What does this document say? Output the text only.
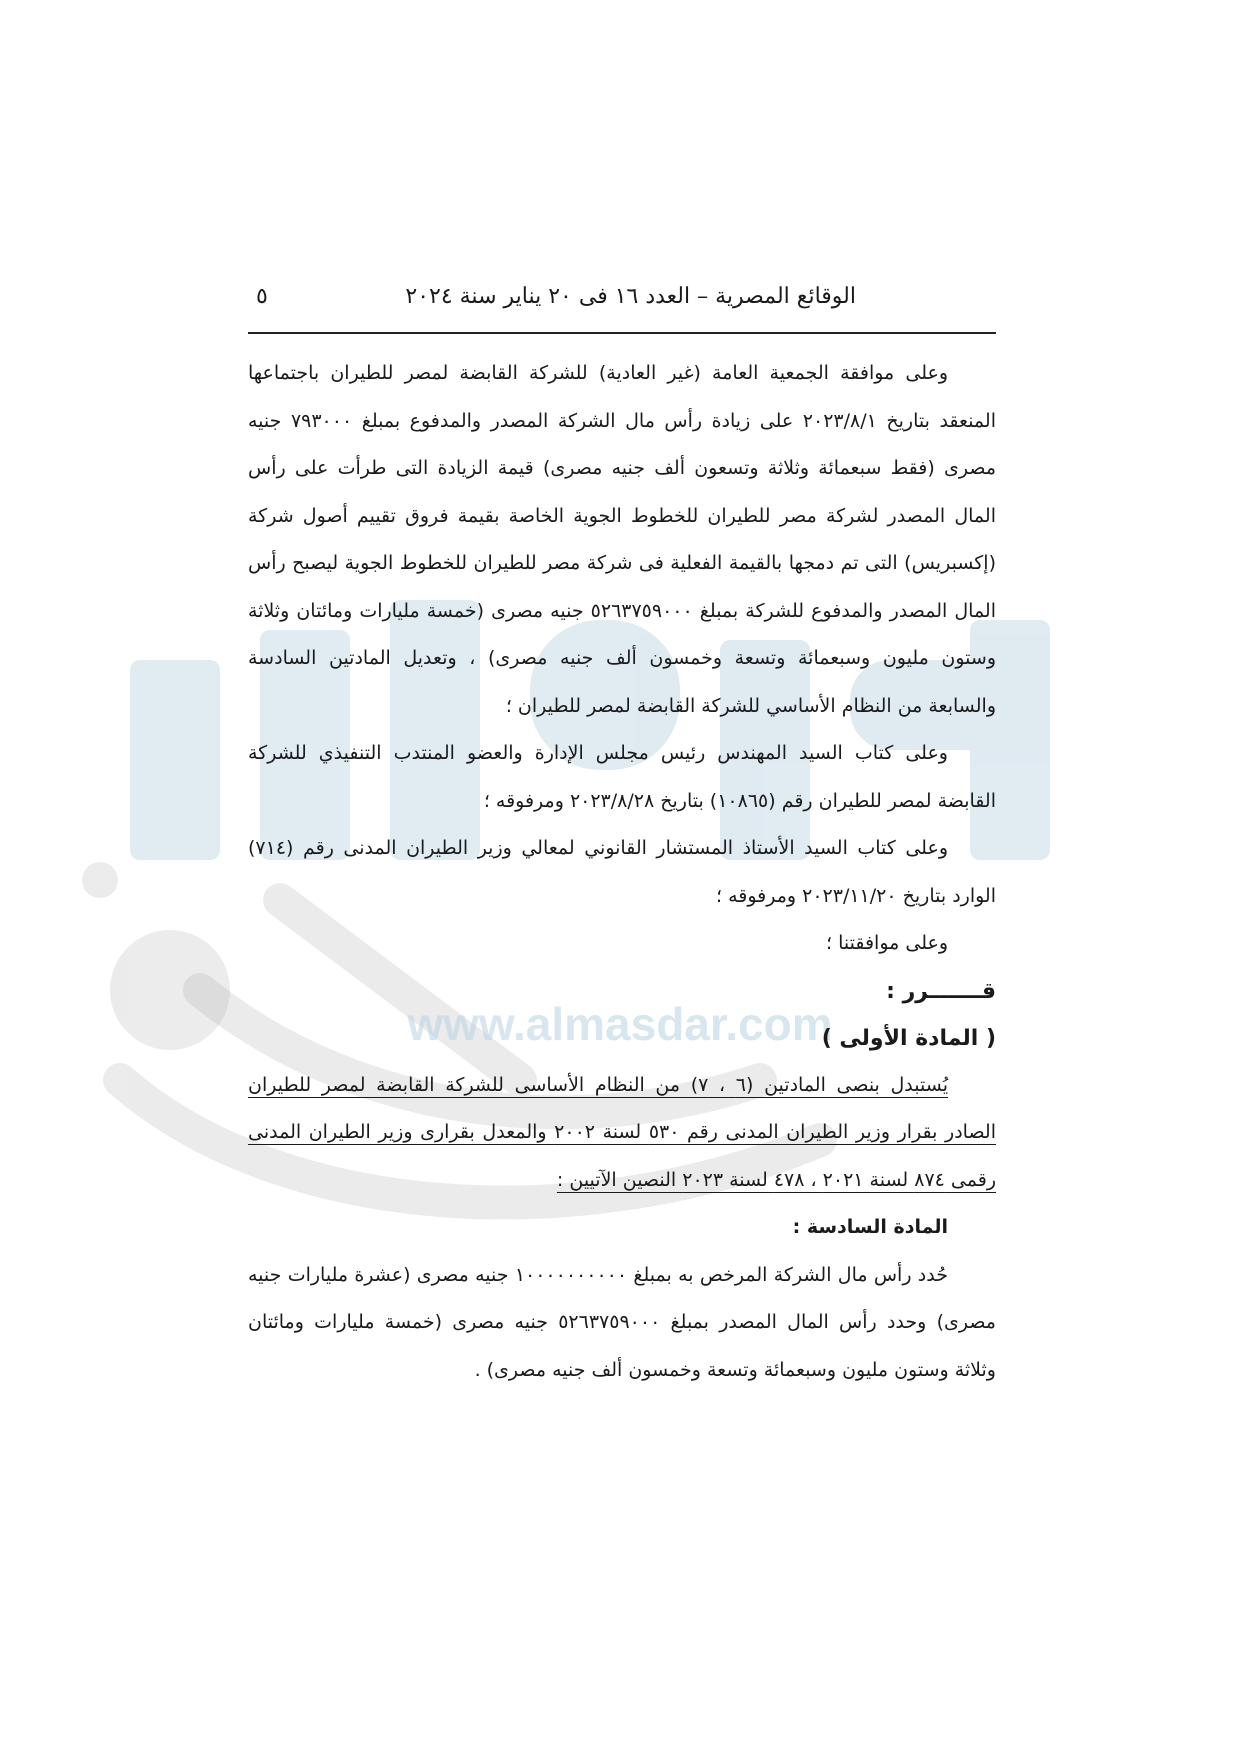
www.almasdar.com
الوقائع المصرية – العدد ١٦ فى ٢٠ يناير سنة ٢٠٢٤
٥

وعلى موافقة الجمعية العامة (غير العادية) للشركة القابضة لمصر للطيران باجتماعها المنعقد بتاريخ ٢٠٢٣/٨/١ على زيادة رأس مال الشركة المصدر والمدفوع بمبلغ ٧٩٣٠٠٠ جنيه مصرى (فقط سبعمائة وثلاثة وتسعون ألف جنيه مصرى) قيمة الزيادة التى طرأت على رأس المال المصدر لشركة مصر للطيران للخطوط الجوية الخاصة بقيمة فروق تقييم أصول شركة (إكسبريس) التى تم دمجها بالقيمة الفعلية فى شركة مصر للطيران للخطوط الجوية ليصبح رأس المال المصدر والمدفوع للشركة بمبلغ ٥٢٦٣٧٥٩٠٠٠ جنيه مصرى (خمسة مليارات ومائتان وثلاثة وستون مليون وسبعمائة وتسعة وخمسون ألف جنيه مصرى) ، وتعديل المادتين السادسة والسابعة من النظام الأساسي للشركة القابضة لمصر للطيران ؛

وعلى كتاب السيد المهندس رئيس مجلس الإدارة والعضو المنتدب التنفيذي للشركة القابضة لمصر للطيران رقم (١٠٨٦٥) بتاريخ ٢٠٢٣/٨/٢٨ ومرفوقه ؛

وعلى كتاب السيد الأستاذ المستشار القانوني لمعالي وزير الطيران المدنى رقم (٧١٤) الوارد بتاريخ ٢٠٢٣/١١/٢٠ ومرفوقه ؛

وعلى موافقتنا ؛

قـــــــرر :

( المادة الأولى )

يُستبدل بنصى المادتين (٦ ، ٧) من النظام الأساسى للشركة القابضة لمصر للطيران الصادر بقرار وزير الطيران المدنى رقم ٥٣٠ لسنة ٢٠٠٢ والمعدل بقرارى وزير الطيران المدنى رقمى ٨٧٤ لسنة ٢٠٢١ ، ٤٧٨ لسنة ٢٠٢٣ النصين الآتيين :

المادة السادسة :

حُدد رأس مال الشركة المرخص به بمبلغ ١٠٠٠٠٠٠٠٠٠٠ جنيه مصرى (عشرة مليارات جنيه مصرى) وحدد رأس المال المصدر بمبلغ ٥٢٦٣٧٥٩٠٠٠ جنيه مصرى (خمسة مليارات ومائتان وثلاثة وستون مليون وسبعمائة وتسعة وخمسون ألف جنيه مصرى) .
